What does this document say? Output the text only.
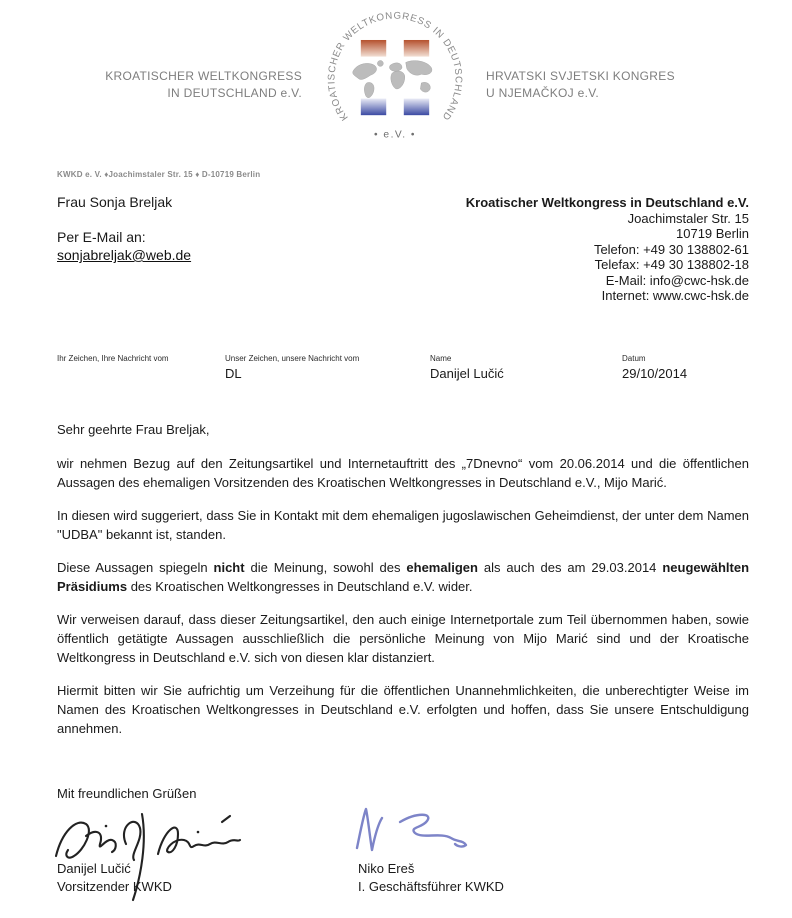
KROATISCHER WELTKONGRESS
IN DEUTSCHLAND e.V.
HRVATSKI SVJETSKI KONGRES
U NJEMAČKOJ e.V.
KROATISCHER WELTKONGRESS IN DEUTSCHLAND
• e.V. •
KWKD e. V. ♦Joachimstaler Str. 15 ♦ D-10719 Berlin
Frau Sonja Breljak
Per E-Mail an:
sonjabreljak@web.de
Kroatischer Weltkongress in Deutschland e.V.
Joachimstaler Str. 15
10719 Berlin
Telefon: +49 30 138802-61
Telefax: +49 30 138802-18
E-Mail: info@cwc-hsk.de
Internet: www.cwc-hsk.de
Ihr Zeichen, Ihre Nachricht vom	Unser Zeichen, unsere Nachricht vom
DL
Name
Danijel Lučić
Datum
29/10/2014

Sehr geehrte Frau Breljak,

wir nehmen Bezug auf den Zeitungsartikel und Internetauftritt des „7Dnevno“ vom 20.06.2014 und die öffentlichen Aussagen des ehemaligen Vorsitzenden des Kroatischen Weltkongresses in Deutschland e.V., Mijo Marić.

In diesen wird suggeriert, dass Sie in Kontakt mit dem ehemaligen jugoslawischen Geheimdienst, der unter dem Namen "UDBA" bekannt ist, standen.

Diese Aussagen spiegeln nicht die Meinung, sowohl des ehemaligen als auch des am 29.03.2014 neugewählten Präsidiums des Kroatischen Weltkongresses in Deutschland e.V. wider.

Wir verweisen darauf, dass dieser Zeitungsartikel, den auch einige Internetportale zum Teil übernommen haben, sowie öffentlich getätigte Aussagen ausschließlich die persönliche Meinung von Mijo Marić sind und der Kroatische Weltkongress in Deutschland e.V. sich von diesen klar distanziert.

Hiermit bitten wir Sie aufrichtig um Verzeihung für die öffentlichen Unannehmlichkeiten, die unberechtigter Weise im Namen des Kroatischen Weltkongresses in Deutschland e.V. erfolgten und hoffen, dass Sie unsere Entschuldigung annehmen.

Mit freundlichen Grüßen
Danijel Lučić
Vorsitzender KWKD
Niko Ereš
I. Geschäftsführer KWKD
